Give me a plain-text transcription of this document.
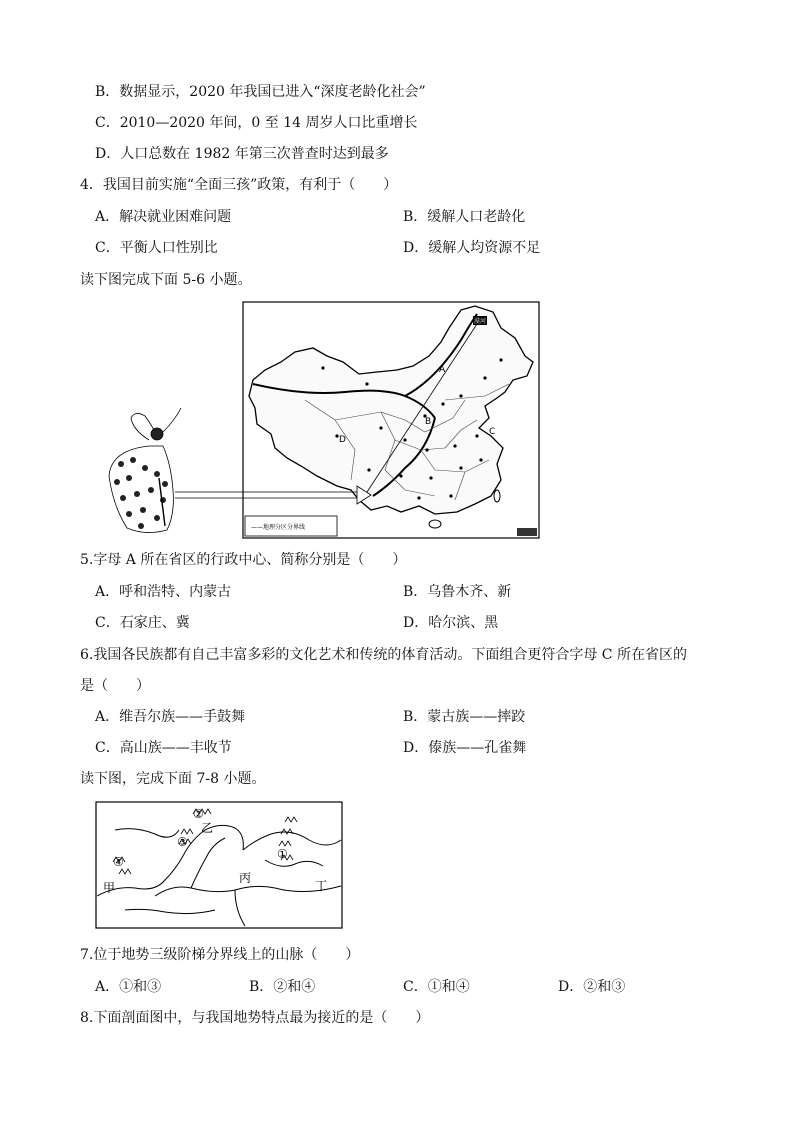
B．数据显示，2020 年我国已进入“深度老龄化社会”
C．2010—2020 年间，0 至 14 周岁人口比重增长
D．人口总数在 1982 年第三次普查时达到最多
4．我国目前实施“全面三孩”政策，有利于（　　）
A．解决就业困难问题	B．缓解人口老龄化
C．平衡人口性别比	D．缓解人均资源不足
读下图完成下面 5-6 小题。
漠河
A
B
C
D
——地理分区分界线
5.字母 A 所在省区的行政中心、简称分别是（　　）
A．呼和浩特、内蒙古	B．乌鲁木齐、新
C．石家庄、冀	D．哈尔滨、黑
6.我国各民族都有自己丰富多彩的文化艺术和传统的体育活动。下面组合更符合字母 C 所在省区的
是（　　）
A．维吾尔族——手鼓舞	B．蒙古族——摔跤
C．高山族——丰收节	D．傣族——孔雀舞
读下图，完成下面 7-8 小题。
②
③
①
④
甲
乙
丙
丁
7.位于地势三级阶梯分界线上的山脉（　　）
A．①和③	B．②和④	C．①和④	D．②和③
8.下面剖面图中，与我国地势特点最为接近的是（　　）
